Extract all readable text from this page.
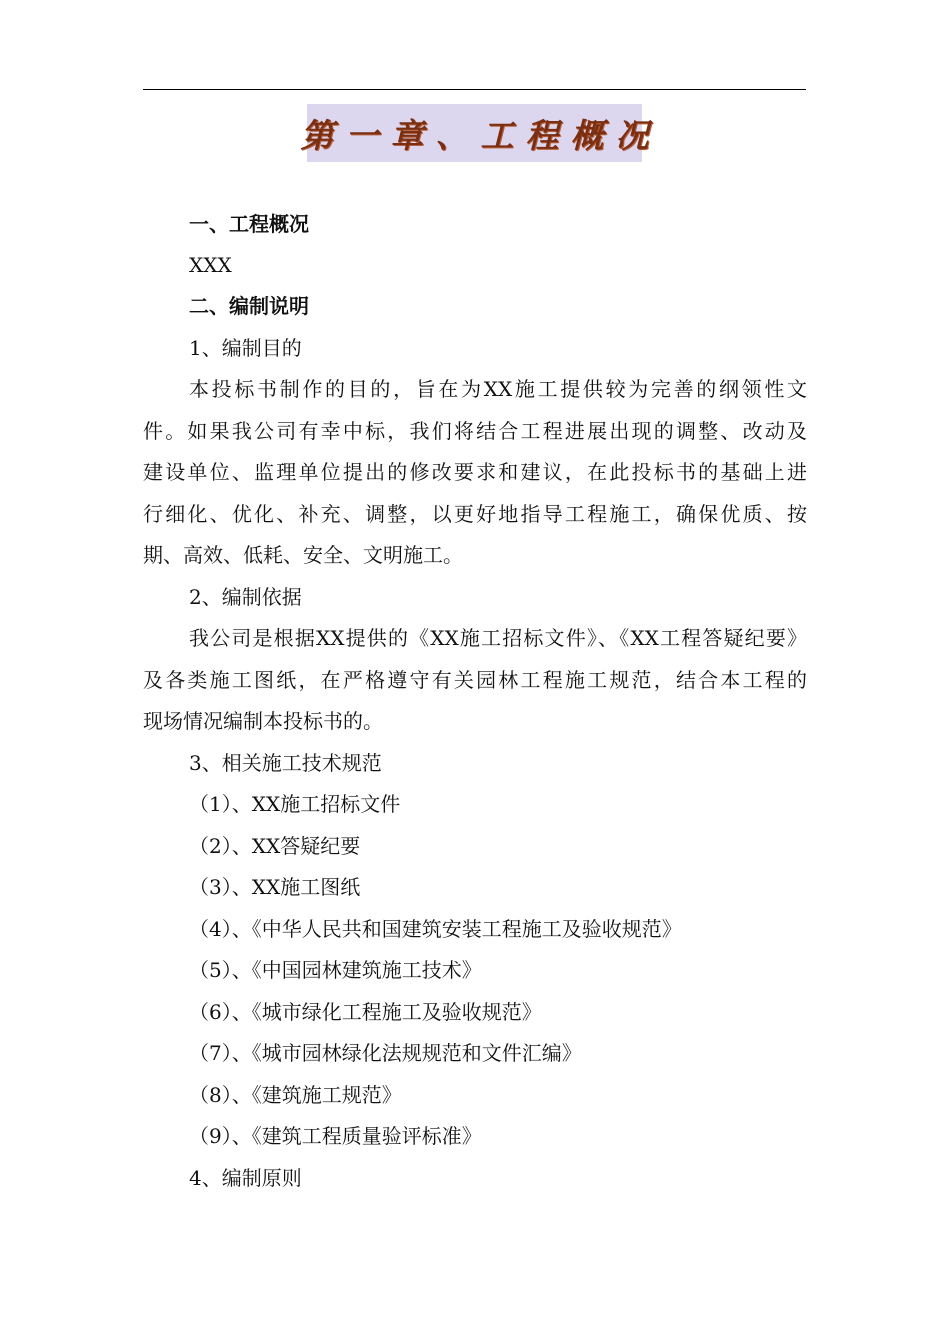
第一章、工程概况
一、工程概况
XXX
二、编制说明
1、编制目的
本投标书制作的目的，旨在为XX施工提供较为完善的纲领性文
件。如果我公司有幸中标，我们将结合工程进展出现的调整、改动及
建设单位、监理单位提出的修改要求和建议，在此投标书的基础上进
行细化、优化、补充、调整，以更好地指导工程施工，确保优质、按
期、高效、低耗、安全、文明施工。
2、编制依据
我公司是根据XX提供的《XX施工招标文件》、《XX工程答疑纪要》
及各类施工图纸，在严格遵守有关园林工程施工规范，结合本工程的
现场情况编制本投标书的。
3、相关施工技术规范
（1）、XX施工招标文件
（2）、XX答疑纪要
（3）、XX施工图纸
（4）、《中华人民共和国建筑安装工程施工及验收规范》
（5）、《中国园林建筑施工技术》
（6）、《城市绿化工程施工及验收规范》
（7）、《城市园林绿化法规规范和文件汇编》
（8）、《建筑施工规范》
（9）、《建筑工程质量验评标准》
4、编制原则
